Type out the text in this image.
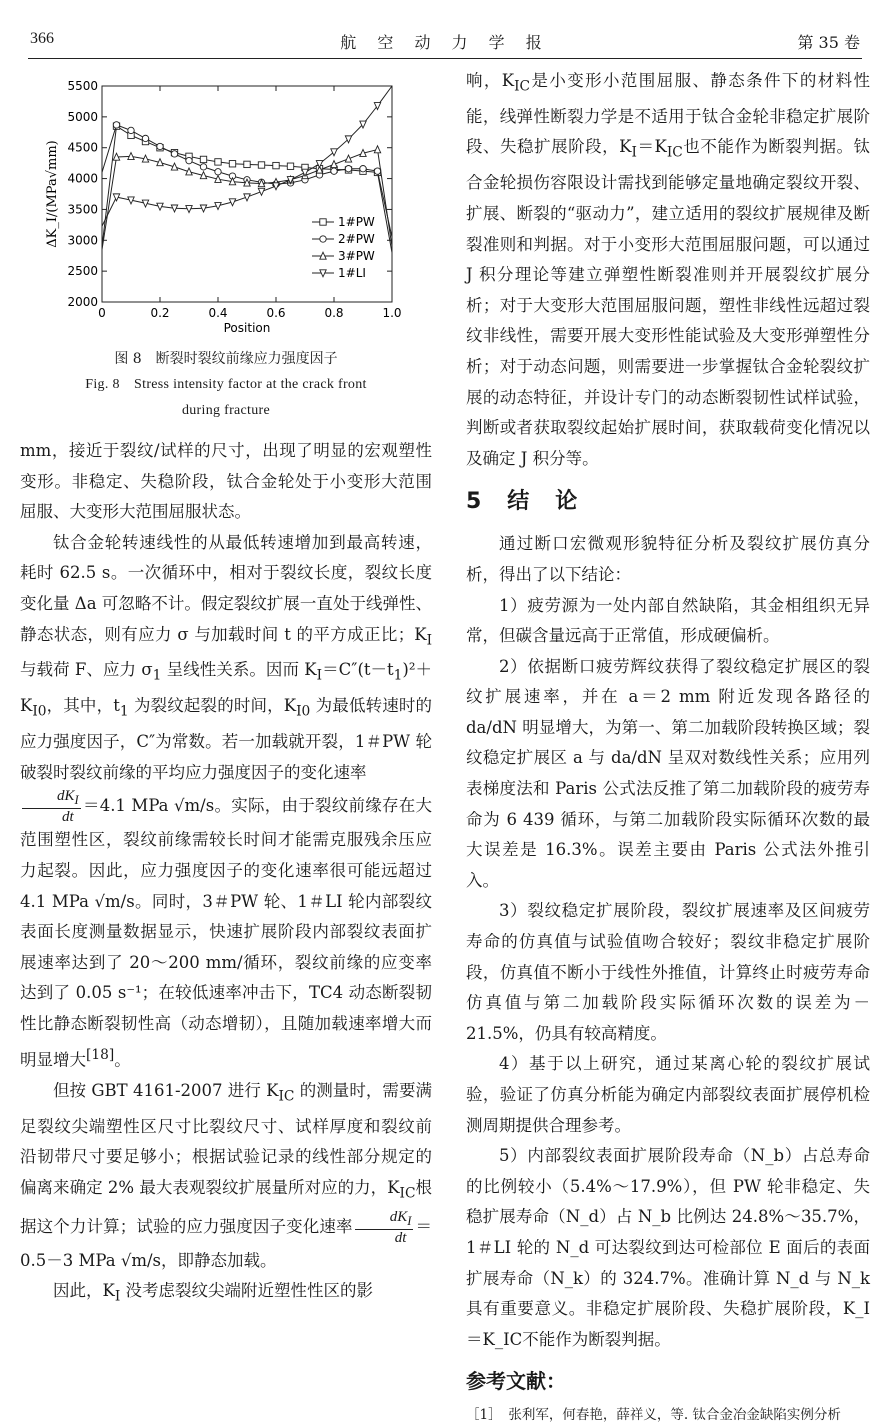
366	航 空 动 力 学 报	第 35 卷
0	0.2	0.4	0.6	0.8	1.0
2000
2500
3000
3500
4000
4500
5000
5500
Position
ΔK_I/(MPa√mm)	1#PW
2#PW
3#PW
1#LI
图 8　断裂时裂纹前缘应力强度因子
Fig. 8　Stress intensity factor at the crack front
during fracture

mm，接近于裂纹/试样的尺寸，出现了明显的宏观塑性变形。非稳定、失稳阶段，钛合金轮处于小变形大范围屈服、大变形大范围屈服状态。

钛合金轮转速线性的从最低转速增加到最高转速，耗时 62.5 s。一次循环中，相对于裂纹长度，裂纹长度变化量 Δa 可忽略不计。假定裂纹扩展一直处于线弹性、静态状态，则有应力 σ 与加载时间 t 的平方成正比；$K_I$ 与载荷 F、应力 $\sigma_1$ 呈线性关系。因而 $K_I=C''(t-t_1)^2+K_{I0}$，其中，$t_1$ 为裂纹起裂的时间，$K_{I0}$ 为最低转速时的应力强度因子，C″为常数。若一加载就开裂，1＃PW 轮破裂时裂纹前缘的平均应力强度因子的变化速率

$\frac{dK_I}{dt} =4.1$ MPa √m/s。实际，由于裂纹前缘存在大范围塑性区，裂纹前缘需较长时间才能需克服残余压应力起裂。因此，应力强度因子的变化速率很可能远超过 4.1 MPa √m/s。同时，3＃PW 轮、1＃LI 轮内部裂纹表面长度测量数据显示，快速扩展阶段内部裂纹表面扩展速率达到了 20～200 mm/循环，裂纹前缘的应变率达到了 0.05 s⁻¹；在较低速率冲击下，TC4 动态断裂韧性比静态断裂韧性高（动态增韧），且随加载速率增大而明显增大[18]。

但按 GBT 4161-2007 进行 $K_{IC}$ 的测量时，需要满足裂纹尖端塑性区尺寸比裂纹尺寸、试样厚度和裂纹前沿韧带尺寸要足够小；根据试验记录的线性部分规定的偏离来确定 2% 最大表观裂纹扩展量所对应的力，$K_{IC}$根据这个力计算；试验的应力强度因子变化速率 $\frac{dK_I}{dt} =0.5-3$ MPa √m/s，即静态加载。

因此，$K_I$ 没考虑裂纹尖端附近塑性性区的影

响，$K_{IC}$是小变形小范围屈服、静态条件下的材料性能，线弹性断裂力学是不适用于钛合金轮非稳定扩展阶段、失稳扩展阶段，$K_I=K_{IC}$也不能作为断裂判据。钛合金轮损伤容限设计需找到能够定量地确定裂纹开裂、扩展、断裂的“驱动力”，建立适用的裂纹扩展规律及断裂准则和判据。对于小变形大范围屈服问题，可以通过 J 积分理论等建立弹塑性断裂准则并开展裂纹扩展分析；对于大变形大范围屈服问题，塑性非线性远超过裂纹非线性，需要开展大变形性能试验及大变形弹塑性分析；对于动态问题，则需要进一步掌握钛合金轮裂纹扩展的动态特征，并设计专门的动态断裂韧性试样试验，判断或者获取裂纹起始扩展时间，获取载荷变化情况以及确定 J 积分等。

5　结　论

通过断口宏微观形貌特征分析及裂纹扩展仿真分析，得出了以下结论：

1）疲劳源为一处内部自然缺陷，其金相组织无异常，但碳含量远高于正常值，形成硬偏析。

2）依据断口疲劳辉纹获得了裂纹稳定扩展区的裂纹扩展速率，并在 a＝2 mm 附近发现各路径的 da/dN 明显增大，为第一、第二加载阶段转换区域；裂纹稳定扩展区 a 与 da/dN 呈双对数线性关系；应用列表梯度法和 Paris 公式法反推了第二加载阶段的疲劳寿命为 6 439 循环，与第二加载阶段实际循环次数的最大误差是 16.3%。误差主要由 Paris 公式法外推引入。

3）裂纹稳定扩展阶段，裂纹扩展速率及区间疲劳寿命的仿真值与试验值吻合较好；裂纹非稳定扩展阶段，仿真值不断小于线性外推值，计算终止时疲劳寿命仿真值与第二加载阶段实际循环次数的误差为－21.5%，仍具有较高精度。

4）基于以上研究，通过某离心轮的裂纹扩展试验，验证了仿真分析能为确定内部裂纹表面扩展停机检测周期提供合理参考。

5）内部裂纹表面扩展阶段寿命（N_b）占总寿命的比例较小（5.4%～17.9%），但 PW 轮非稳定、失稳扩展寿命（N_d）占 N_b 比例达 24.8%～35.7%，1＃LI 轮的 N_d 可达裂纹到达可检部位 E 面后的表面扩展寿命（N_k）的 324.7%。准确计算 N_d 与 N_k 具有重要意义。非稳定扩展阶段、失稳扩展阶段，K_I＝K_IC不能作为断裂判据。

参考文献：
［1］　张利军，何春艳，薛祥义，等. 钛合金冶金缺陷实例分析
